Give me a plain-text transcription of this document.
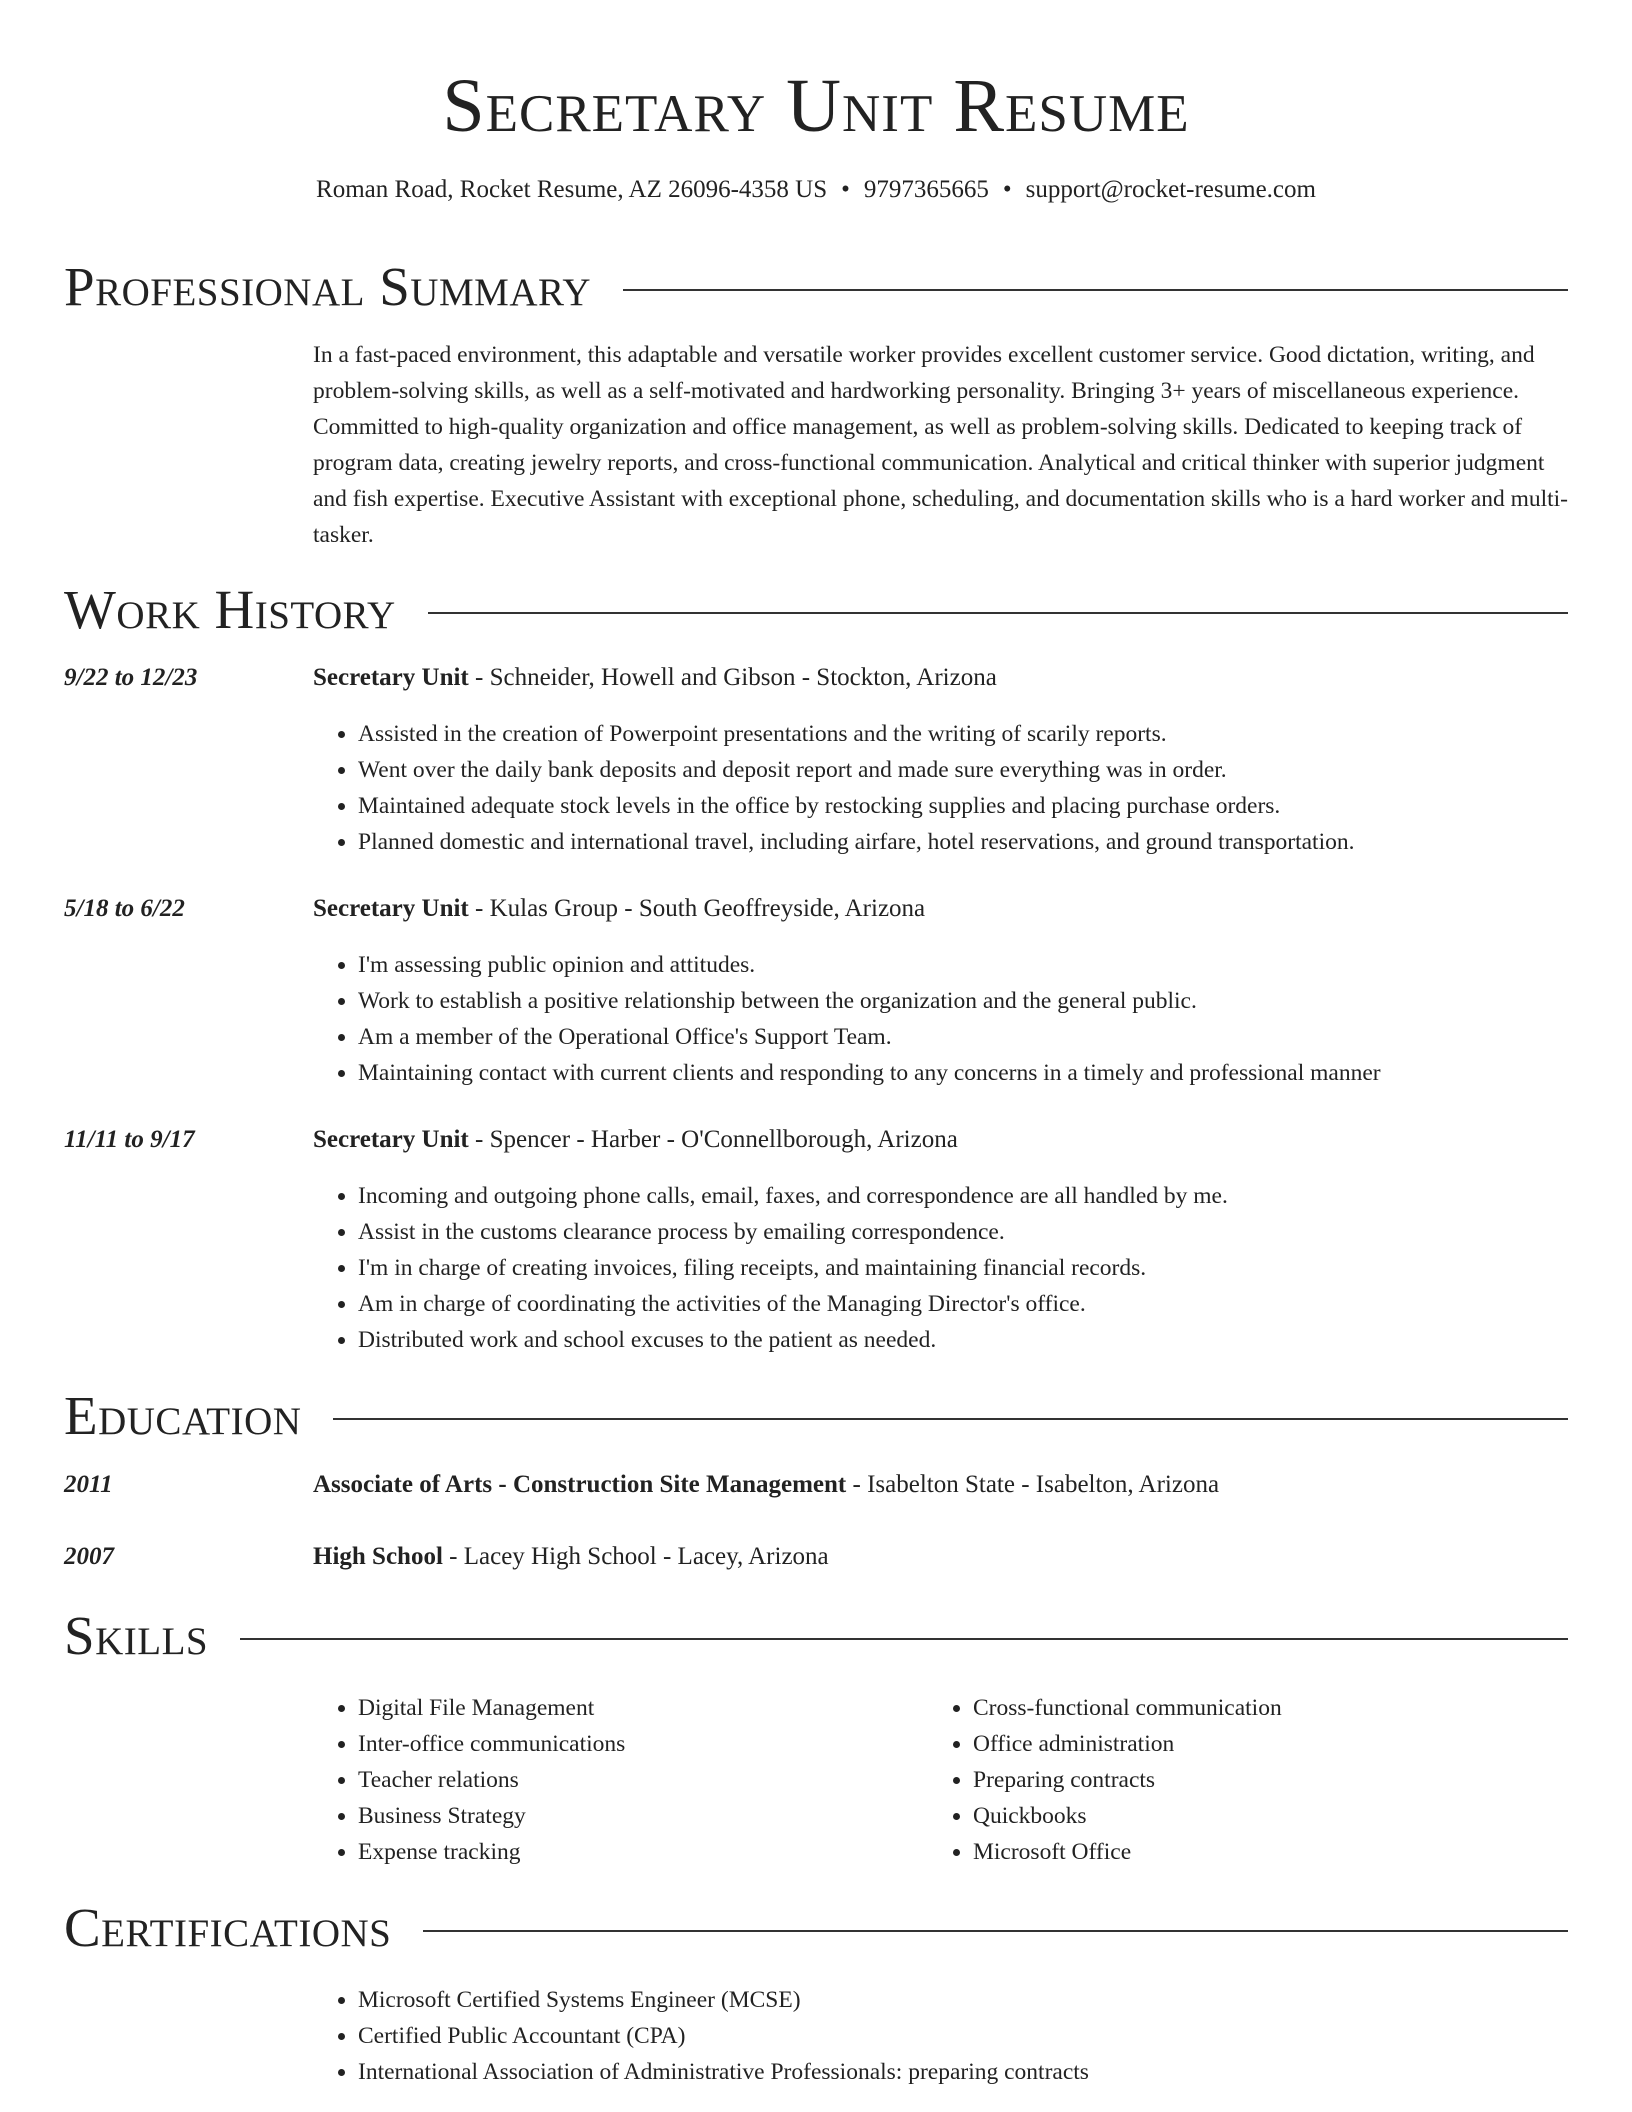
Secretary Unit Resume
Roman Road, Rocket Resume, AZ 26096-4358 US • 9797365665 • support@rocket-resume.com
Professional Summary

In a fast-paced environment, this adaptable and versatile worker provides excellent customer service. Good dictation, writing, and problem-solving skills, as well as a self-motivated and hardworking personality. Bringing 3+ years of miscellaneous experience. Committed to high-quality organization and office management, as well as problem-solving skills. Dedicated to keeping track of program data, creating jewelry reports, and cross-functional communication. Analytical and critical thinker with superior judgment and fish expertise. Executive Assistant with exceptional phone, scheduling, and documentation skills who is a hard worker and multi-tasker.

Work History
9/22 to 12/23	Secretary Unit - Schneider, Howell and Gibson - Stockton, Arizona
• Assisted in the creation of Powerpoint presentations and the writing of scarily reports.
• Went over the daily bank deposits and deposit report and made sure everything was in order.
• Maintained adequate stock levels in the office by restocking supplies and placing purchase orders.
• Planned domestic and international travel, including airfare, hotel reservations, and ground transportation.
5/18 to 6/22	Secretary Unit - Kulas Group - South Geoffreyside, Arizona
• I'm assessing public opinion and attitudes.
• Work to establish a positive relationship between the organization and the general public.
• Am a member of the Operational Office's Support Team.
• Maintaining contact with current clients and responding to any concerns in a timely and professional manner
11/11 to 9/17	Secretary Unit - Spencer - Harber - O'Connellborough, Arizona
• Incoming and outgoing phone calls, email, faxes, and correspondence are all handled by me.
• Assist in the customs clearance process by emailing correspondence.
• I'm in charge of creating invoices, filing receipts, and maintaining financial records.
• Am in charge of coordinating the activities of the Managing Director's office.
• Distributed work and school excuses to the patient as needed.
Education
2011	Associate of Arts - Construction Site Management - Isabelton State - Isabelton, Arizona
2007	High School - Lacey High School - Lacey, Arizona
Skills
• Digital File Management
• Inter-office communications
• Teacher relations
• Business Strategy
• Expense tracking
• Cross-functional communication
• Office administration
• Preparing contracts
• Quickbooks
• Microsoft Office
Certifications
• Microsoft Certified Systems Engineer (MCSE)
• Certified Public Accountant (CPA)
• International Association of Administrative Professionals: preparing contracts
